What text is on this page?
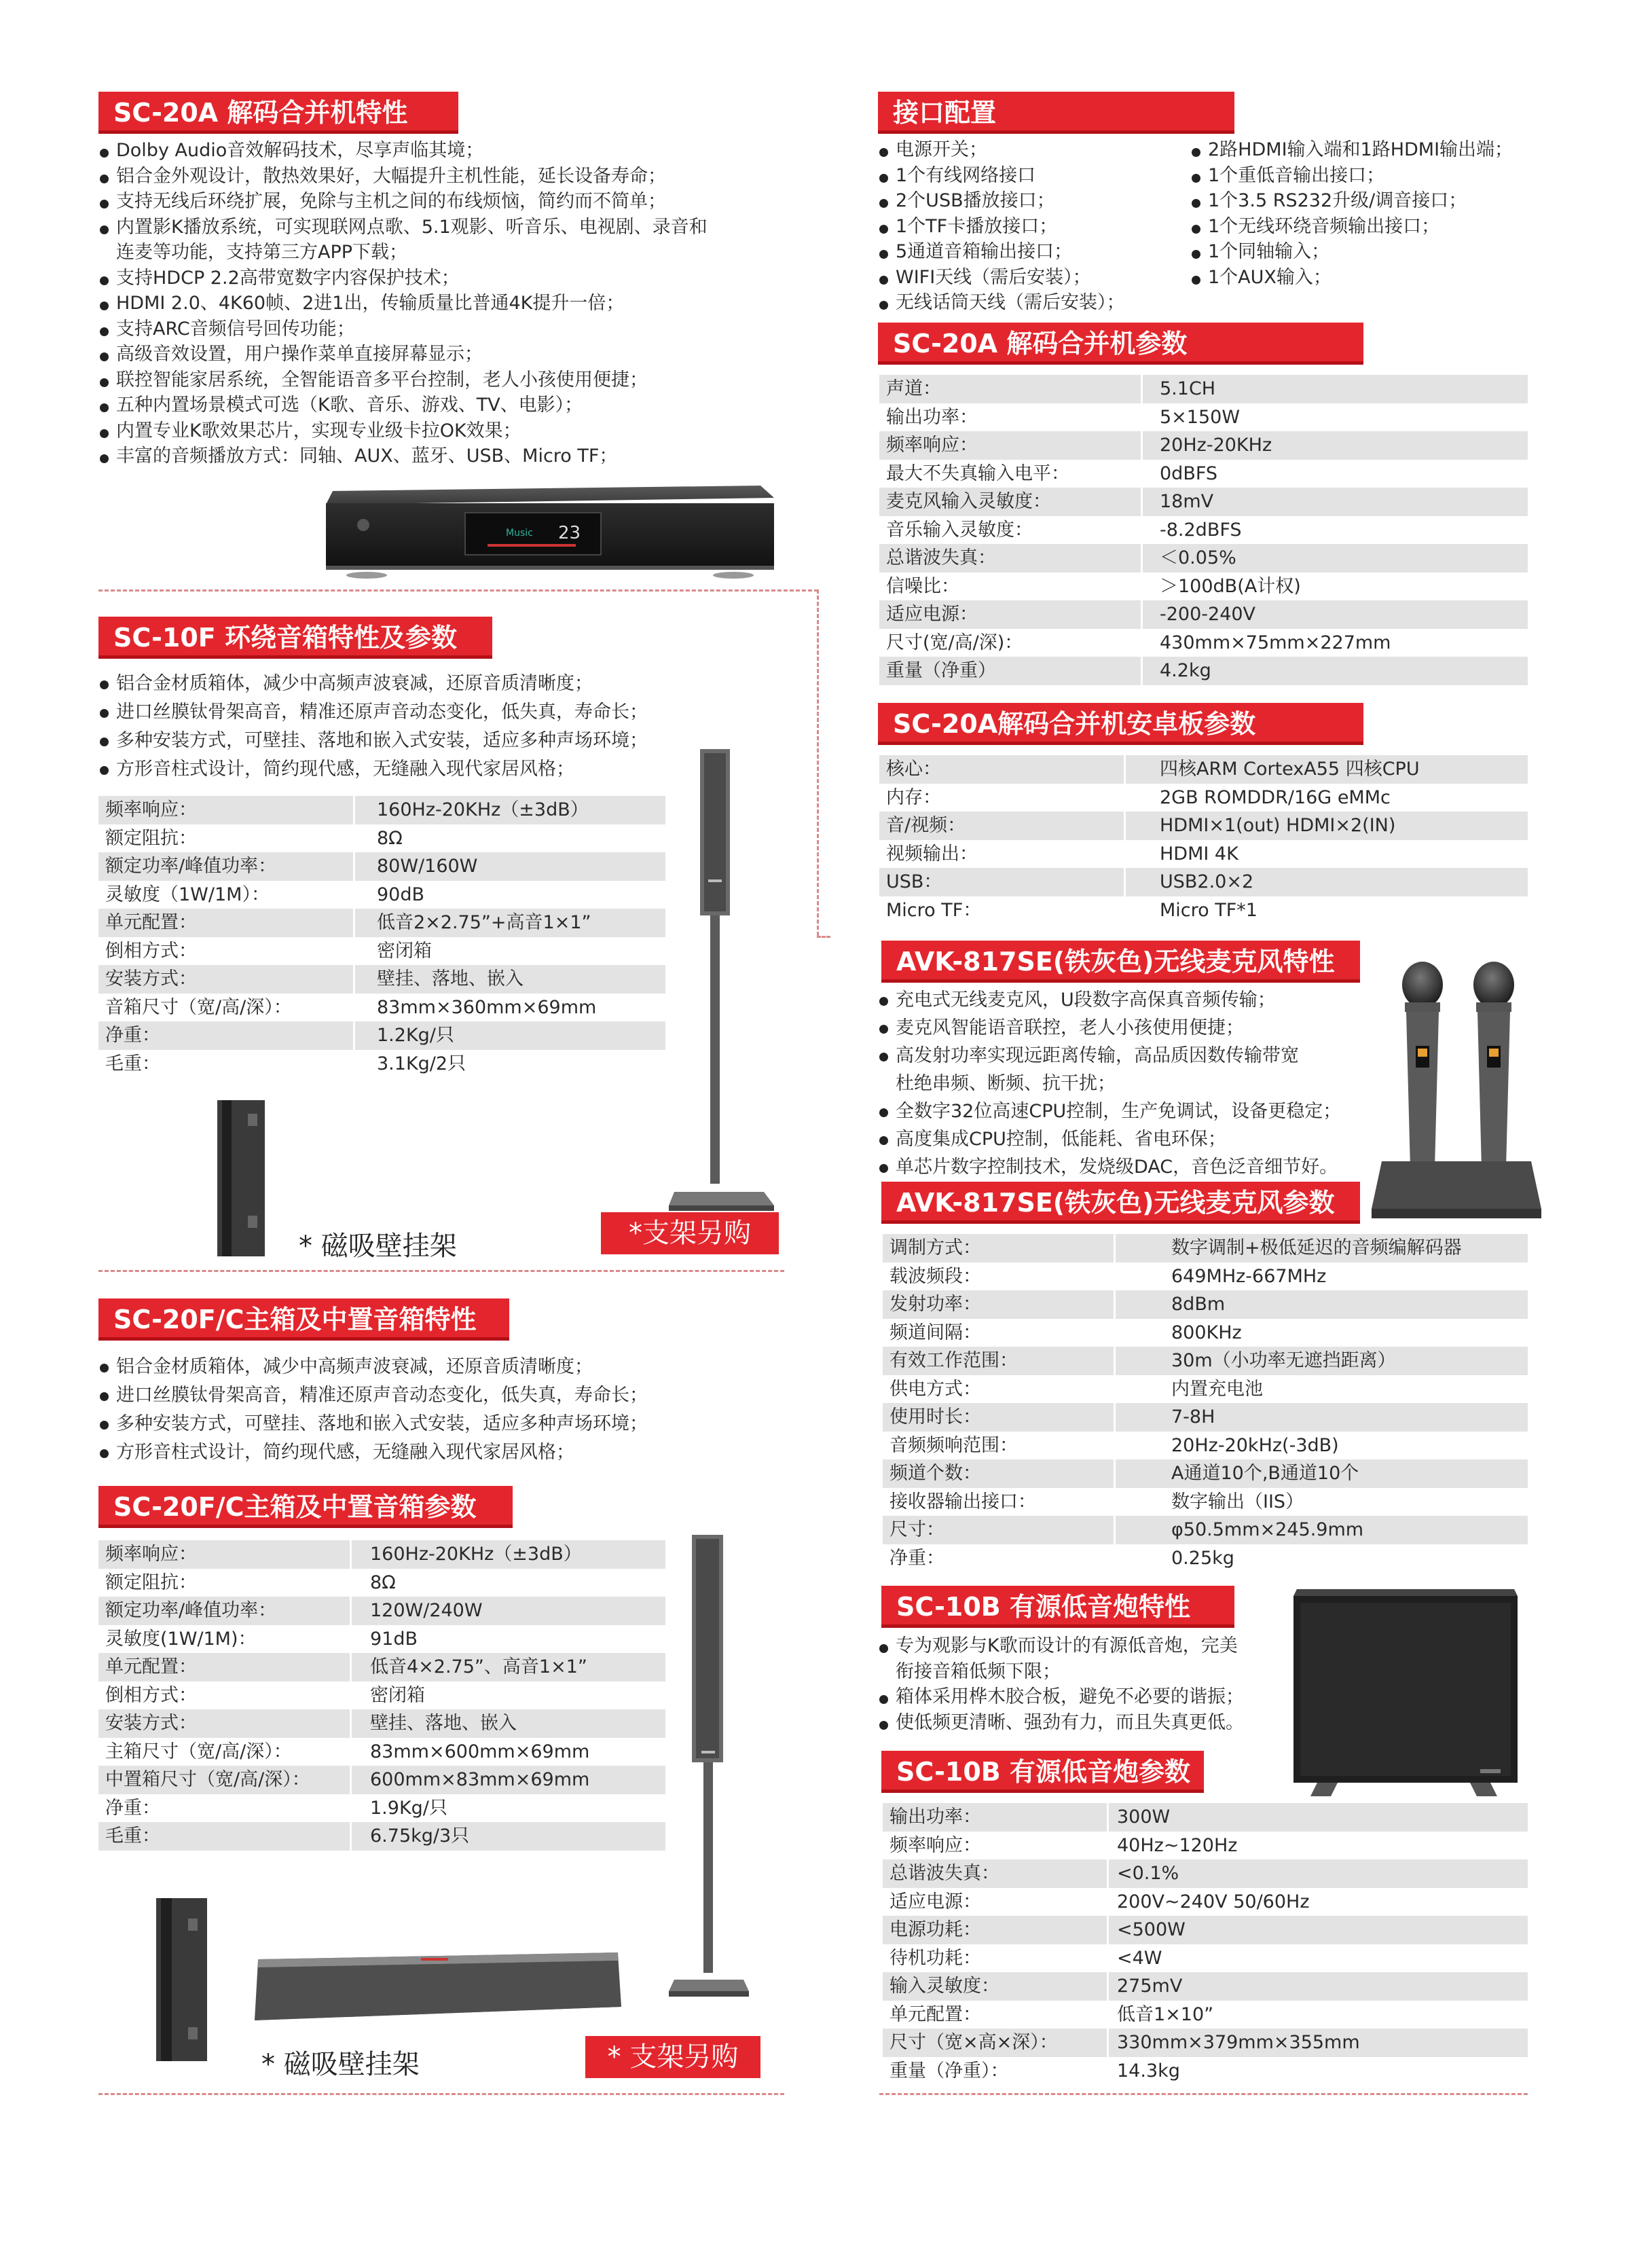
SC-20A 解码合并机特性
Dolby Audio音效解码技术，尽享声临其境；
铝合金外观设计，散热效果好，大幅提升主机性能，延长设备寿命；
支持无线后环绕扩展，免除与主机之间的布线烦恼，简约而不简单；
内置影K播放系统，可实现联网点歌、5.1观影、听音乐、电视剧、录音和
连麦等功能，支持第三方APP下载；
支持HDCP 2.2高带宽数字内容保护技术；
HDMI 2.0、4K60帧、2进1出，传输质量比普通4K提升一倍；
支持ARC音频信号回传功能；
高级音效设置，用户操作菜单直接屏幕显示；
联控智能家居系统，全智能语音多平台控制，老人小孩使用便捷；
五种内置场景模式可选（K歌、音乐、游戏、TV、电影）；
内置专业K歌效果芯片，实现专业级卡拉OK效果；
丰富的音频播放方式：同轴、AUX、蓝牙、USB、Micro TF；
Music 23
SC-10F 环绕音箱特性及参数
铝合金材质箱体，减少中高频声波衰减，还原音质清晰度；
进口丝膜钛骨架高音，精准还原声音动态变化，低失真，寿命长；
多种安装方式，可壁挂、落地和嵌入式安装，适应多种声场环境；
方形音柱式设计，简约现代感，无缝融入现代家居风格；
频率响应：	160Hz-20KHz（±3dB）
额定阻抗：	8Ω
额定功率/峰值功率：	80W/160W
灵敏度（1W/1M）：	90dB
单元配置：	低音2×2.75”+高音1×1”
倒相方式：	密闭箱
安装方式：	壁挂、落地、嵌入
音箱尺寸（宽/高/深）：	83mm×360mm×69mm
净重：	1.2Kg/只
毛重：	3.1Kg/2只
* 磁吸壁挂架	*支架另购
SC-20F/C主箱及中置音箱特性
铝合金材质箱体，减少中高频声波衰减，还原音质清晰度；
进口丝膜钛骨架高音，精准还原声音动态变化，低失真，寿命长；
多种安装方式，可壁挂、落地和嵌入式安装，适应多种声场环境；
方形音柱式设计，简约现代感，无缝融入现代家居风格；
SC-20F/C主箱及中置音箱参数
频率响应：	160Hz-20KHz（±3dB）
额定阻抗：	8Ω
额定功率/峰值功率：	120W/240W
灵敏度(1W/1M)：	91dB
单元配置：	低音4×2.75”、高音1×1”
倒相方式：	密闭箱
安装方式：	壁挂、落地、嵌入
主箱尺寸（宽/高/深）：	83mm×600mm×69mm
中置箱尺寸（宽/高/深）：	600mm×83mm×69mm
净重：	1.9Kg/只
毛重：	6.75kg/3只
* 磁吸壁挂架	* 支架另购
接口配置
电源开关；
1个有线网络接口
2个USB播放接口；
1个TF卡播放接口；
5通道音箱输出接口；
WIFI天线（需后安装）；
无线话筒天线（需后安装）；
2路HDMI输入端和1路HDMI输出端；
1个重低音输出接口；
1个3.5 RS232升级/调音接口；
1个无线环绕音频输出接口；
1个同轴输入；
1个AUX输入；
SC-20A 解码合并机参数
声道：	5.1CH
输出功率：	5×150W
频率响应：	20Hz-20KHz
最大不失真输入电平：	0dBFS
麦克风输入灵敏度：	18mV
音乐输入灵敏度：	-8.2dBFS
总谐波失真：	＜0.05%
信噪比：	＞100dB(A计权)
适应电源：	-200-240V
尺寸(宽/高/深)：	430mm×75mm×227mm
重量（净重）	4.2kg
SC-20A解码合并机安卓板参数
核心：	四核ARM CortexA55 四核CPU
内存：	2GB ROMDDR/16G eMMc
音/视频：	HDMI×1(out) HDMI×2(IN)
视频输出：	HDMI 4K
USB：	USB2.0×2
Micro TF：	Micro TF*1
AVK-817SE(铁灰色)无线麦克风特性
充电式无线麦克风，U段数字高保真音频传输；
麦克风智能语音联控，老人小孩使用便捷；
高发射功率实现远距离传输，高品质因数传输带宽
杜绝串频、断频、抗干扰；
全数字32位高速CPU控制，生产免调试，设备更稳定；
高度集成CPU控制，低能耗、省电环保；
单芯片数字控制技术，发烧级DAC，音色泛音细节好。
AVK-817SE(铁灰色)无线麦克风参数
调制方式：	数字调制+极低延迟的音频编解码器
载波频段：	649MHz-667MHz
发射功率：	8dBm
频道间隔：	800KHz
有效工作范围：	30m（小功率无遮挡距离）
供电方式：	内置充电池
使用时长：	7-8H
音频频响范围：	20Hz-20kHz(-3dB)
频道个数：	A通道10个,B通道10个
接收器输出接口：	数字输出（IIS）
尺寸：	φ50.5mm×245.9mm
净重：	0.25kg
SC-10B 有源低音炮特性
专为观影与K歌而设计的有源低音炮，完美
衔接音箱低频下限；
箱体采用桦木胶合板，避免不必要的谐振；
使低频更清晰、强劲有力，而且失真更低。
SC-10B 有源低音炮参数
输出功率：	300W
频率响应：	40Hz~120Hz
总谐波失真：	<0.1%
适应电源：	200V~240V 50/60Hz
电源功耗：	<500W
待机功耗：	<4W
输入灵敏度：	275mV
单元配置：	低音1×10”
尺寸（宽×高×深）：	330mm×379mm×355mm
重量（净重）：	14.3kg
